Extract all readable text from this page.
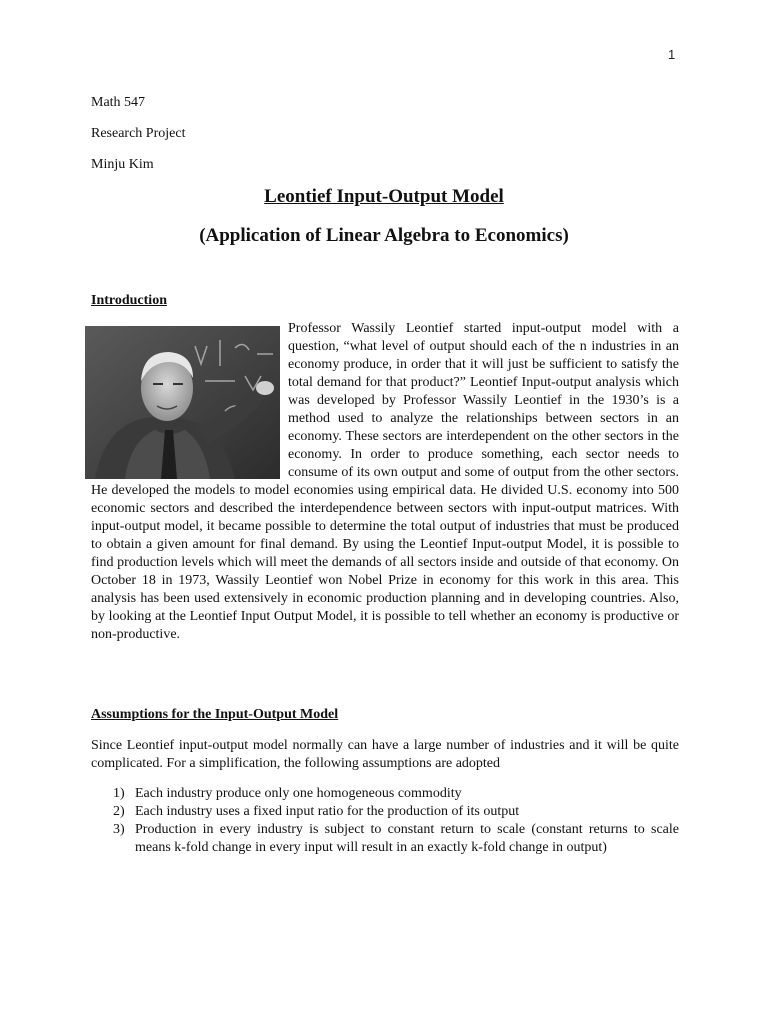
1
Math 547
Research Project
Minju Kim
Leontief Input-Output Model
(Application of Linear Algebra to Economics)
Introduction
Professor Wassily Leontief started input-output model with a question, “what level of output should each of the n industries in an economy produce, in order that it will just be sufficient to satisfy the total demand for that product?” Leontief Input-output analysis which was developed by Professor Wassily Leontief in the 1930’s is a method used to analyze the relationships between sectors in an economy. These sectors are interdependent on the other sectors in the economy. In order to produce something, each sector needs to consume of its own output and some of output from the other sectors. He developed the models to model economies using empirical data. He divided U.S. economy into 500 economic sectors and described the interdependence between sectors with input-output matrices. With input-output model, it became possible to determine the total output of industries that must be produced to obtain a given amount for final demand. By using the Leontief Input-output Model, it is possible to find production levels which will meet the demands of all sectors inside and outside of that economy. On October 18 in 1973, Wassily Leontief won Nobel Prize in economy for this work in this area. This analysis has been used extensively in economic production planning and in developing countries. Also, by looking at the Leontief Input Output Model, it is possible to tell whether an economy is productive or non-productive.
Assumptions for the Input-Output Model
Since Leontief input-output model normally can have a large number of industries and it will be quite complicated. For a simplification, the following assumptions are adopted
1) Each industry produce only one homogeneous commodity
2) Each industry uses a fixed input ratio for the production of its output
3) Production in every industry is subject to constant return to scale (constant returns to scale means k-fold change in every input will result in an exactly k-fold change in output)
